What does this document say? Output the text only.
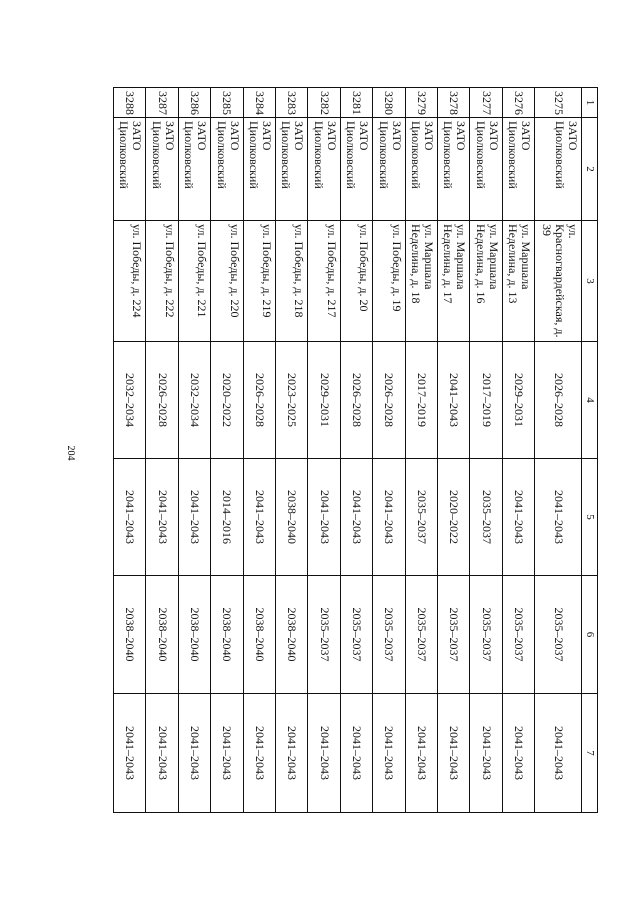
204
1	2	3	4	5	6	7
3275	ЗАТО Циолковский	ул. Красногвардейская, д. 39	2026–2028	2041–2043	2035–2037	2041–2043
3276	ЗАТО Циолковский	ул. Маршала Неделина, д. 13	2029–2031	2041–2043	2035–2037	2041–2043
3277	ЗАТО Циолковский	ул. Маршала Неделина, д. 16	2017–2019	2035–2037	2035–2037	2041–2043
3278	ЗАТО Циолковский	ул. Маршала Неделина, д. 17	2041–2043	2020–2022	2035–2037	2041–2043
3279	ЗАТО Циолковский	ул. Маршала Неделина, д. 18	2017–2019	2035–2037	2035–2037	2041–2043
3280	ЗАТО Циолковский	ул. Победы, д. 19	2026–2028	2041–2043	2035–2037	2041–2043
3281	ЗАТО Циолковский	ул. Победы, д. 20	2026–2028	2041–2043	2035–2037	2041–2043
3282	ЗАТО Циолковский	ул. Победы, д. 217	2029–2031	2041–2043	2035–2037	2041–2043
3283	ЗАТО Циолковский	ул. Победы, д. 218	2023–2025	2038–2040	2038–2040	2041–2043
3284	ЗАТО Циолковский	ул. Победы, д. 219	2026–2028	2041–2043	2038–2040	2041–2043
3285	ЗАТО Циолковский	ул. Победы, д. 220	2020–2022	2014–2016	2038–2040	2041–2043
3286	ЗАТО Циолковский	ул. Победы, д. 221	2032–2034	2041–2043	2038–2040	2041–2043
3287	ЗАТО Циолковский	ул. Победы, д. 222	2026–2028	2041–2043	2038–2040	2041–2043
3288	ЗАТО Циолковский	ул. Победы, д. 224	2032–2034	2041–2043	2038–2040	2041–2043
